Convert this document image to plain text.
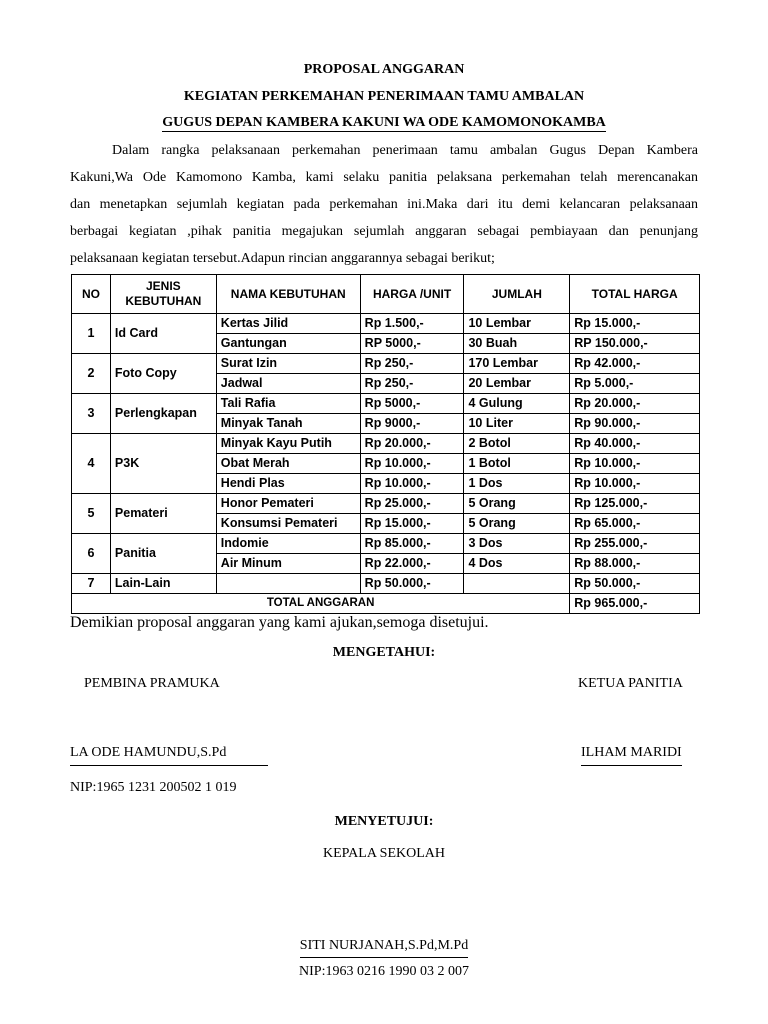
PROPOSAL ANGGARAN
KEGIATAN PERKEMAHAN PENERIMAAN TAMU AMBALAN
GUGUS DEPAN KAMBERA KAKUNI WA ODE KAMOMONOKAMBA
Dalam rangka pelaksanaan perkemahan penerimaan tamu ambalan Gugus Depan Kambera
Kakuni,Wa Ode Kamomono Kamba, kami selaku panitia pelaksana perkemahan telah merencanakan
dan menetapkan sejumlah kegiatan pada perkemahan ini.Maka dari itu demi kelancaran pelaksanaan
berbagai kegiatan ,pihak panitia megajukan sejumlah anggaran sebagai pembiayaan dan penunjang
pelaksanaan kegiatan tersebut.Adapun rincian anggarannya sebagai berikut;
NO	JENIS KEBUTUHAN	NAMA KEBUTUHAN	HARGA /UNIT	JUMLAH	TOTAL HARGA
1	Id Card	Kertas Jilid	Rp 1.500,-	10 Lembar	Rp 15.000,-
		Gantungan	RP 5000,-	30 Buah	RP 150.000,-
2	Foto Copy	Surat Izin	Rp 250,-	170 Lembar	Rp 42.000,-
		Jadwal	Rp 250,-	20 Lembar	Rp 5.000,-
3	Perlengkapan	Tali Rafia	Rp 5000,-	4 Gulung	Rp 20.000,-
		Minyak Tanah	Rp 9000,-	10 Liter	Rp 90.000,-
4	P3K	Minyak Kayu Putih	Rp 20.000,-	2 Botol	Rp 40.000,-
		Obat Merah	Rp 10.000,-	1 Botol	Rp 10.000,-
		Hendi Plas	Rp 10.000,-	1 Dos	Rp 10.000,-
5	Pemateri	Honor Pemateri	Rp 25.000,-	5 Orang	Rp 125.000,-
		Konsumsi Pemateri	Rp 15.000,-	5 Orang	Rp 65.000,-
6	Panitia	Indomie	Rp 85.000,-	3 Dos	Rp 255.000,-
		Air Minum	Rp 22.000,-	4 Dos	Rp 88.000,-
7	Lain-Lain		Rp 50.000,-		Rp 50.000,-
TOTAL ANGGARAN					Rp 965.000,-
Demikian proposal anggaran yang kami ajukan,semoga disetujui.
MENGETAHUI:
PEMBINA PRAMUKA	KETUA PANITIA
LA ODE HAMUNDU,S.Pd	ILHAM MARIDI
NIP:1965 1231 200502 1 019
MENYETUJUI:
KEPALA SEKOLAH
SITI NURJANAH,S.Pd,M.Pd
NIP:1963 0216 1990 03 2 007
